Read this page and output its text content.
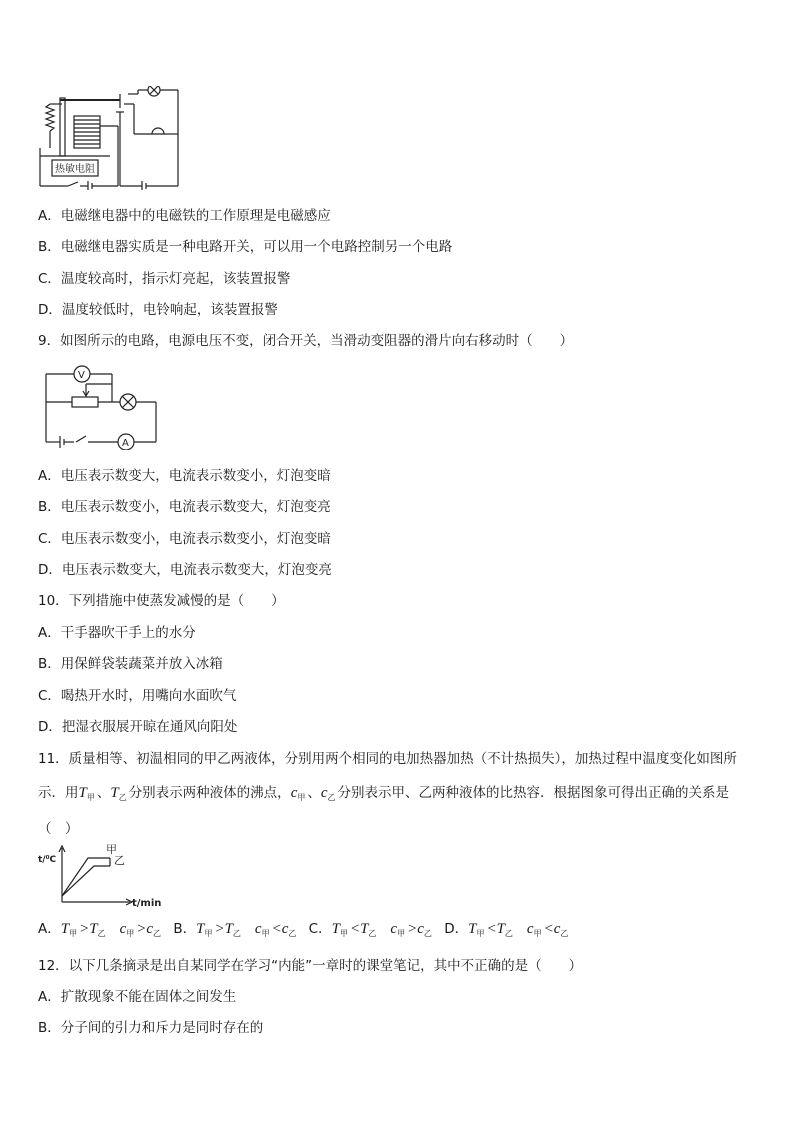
热敏电阻
A．电磁继电器中的电磁铁的工作原理是电磁感应
B．电磁继电器实质是一种电路开关，可以用一个电路控制另一个电路
C．温度较高时，指示灯亮起，该装置报警
D．温度较低时，电铃响起，该装置报警
9．如图所示的电路，电源电压不变，闭合开关，当滑动变阻器的滑片向右移动时（　　）
V
A
A．电压表示数变大，电流表示数变小，灯泡变暗
B．电压表示数变小，电流表示数变大，灯泡变亮
C．电压表示数变小，电流表示数变小，灯泡变暗
D．电压表示数变大，电流表示数变大，灯泡变亮
10．下列措施中使蒸发减慢的是（　　）
A．干手器吹干手上的水分
B．用保鲜袋装蔬菜并放入冰箱
C．喝热开水时，用嘴向水面吹气
D．把湿衣服展开晾在通风向阳处
11．质量相等、初温相同的甲乙两液体，分别用两个相同的电加热器加热（不计热损失），加热过程中温度变化如图所
示．用$T_甲$ 、$T_乙$ 分别表示两种液体的沸点，$c_甲$ 、$c_乙$ 分别表示甲、乙两种液体的比热容．根据图象可得出正确的关系是
（　）
t/⁰C
t/min
甲
乙
A．$T_甲 >T_乙$ $c_甲 >c_乙$ B．$T_甲 >T_乙$ $c_甲 <c_乙$ C．$T_甲 <T_乙$ $c_甲 >c_乙$ D．$T_甲 <T_乙$ $c_甲 <c_乙$
12．以下几条摘录是出自某同学在学习“内能”一章时的课堂笔记，其中不正确的是（　　）
A．扩散现象不能在固体之间发生
B．分子间的引力和斥力是同时存在的
